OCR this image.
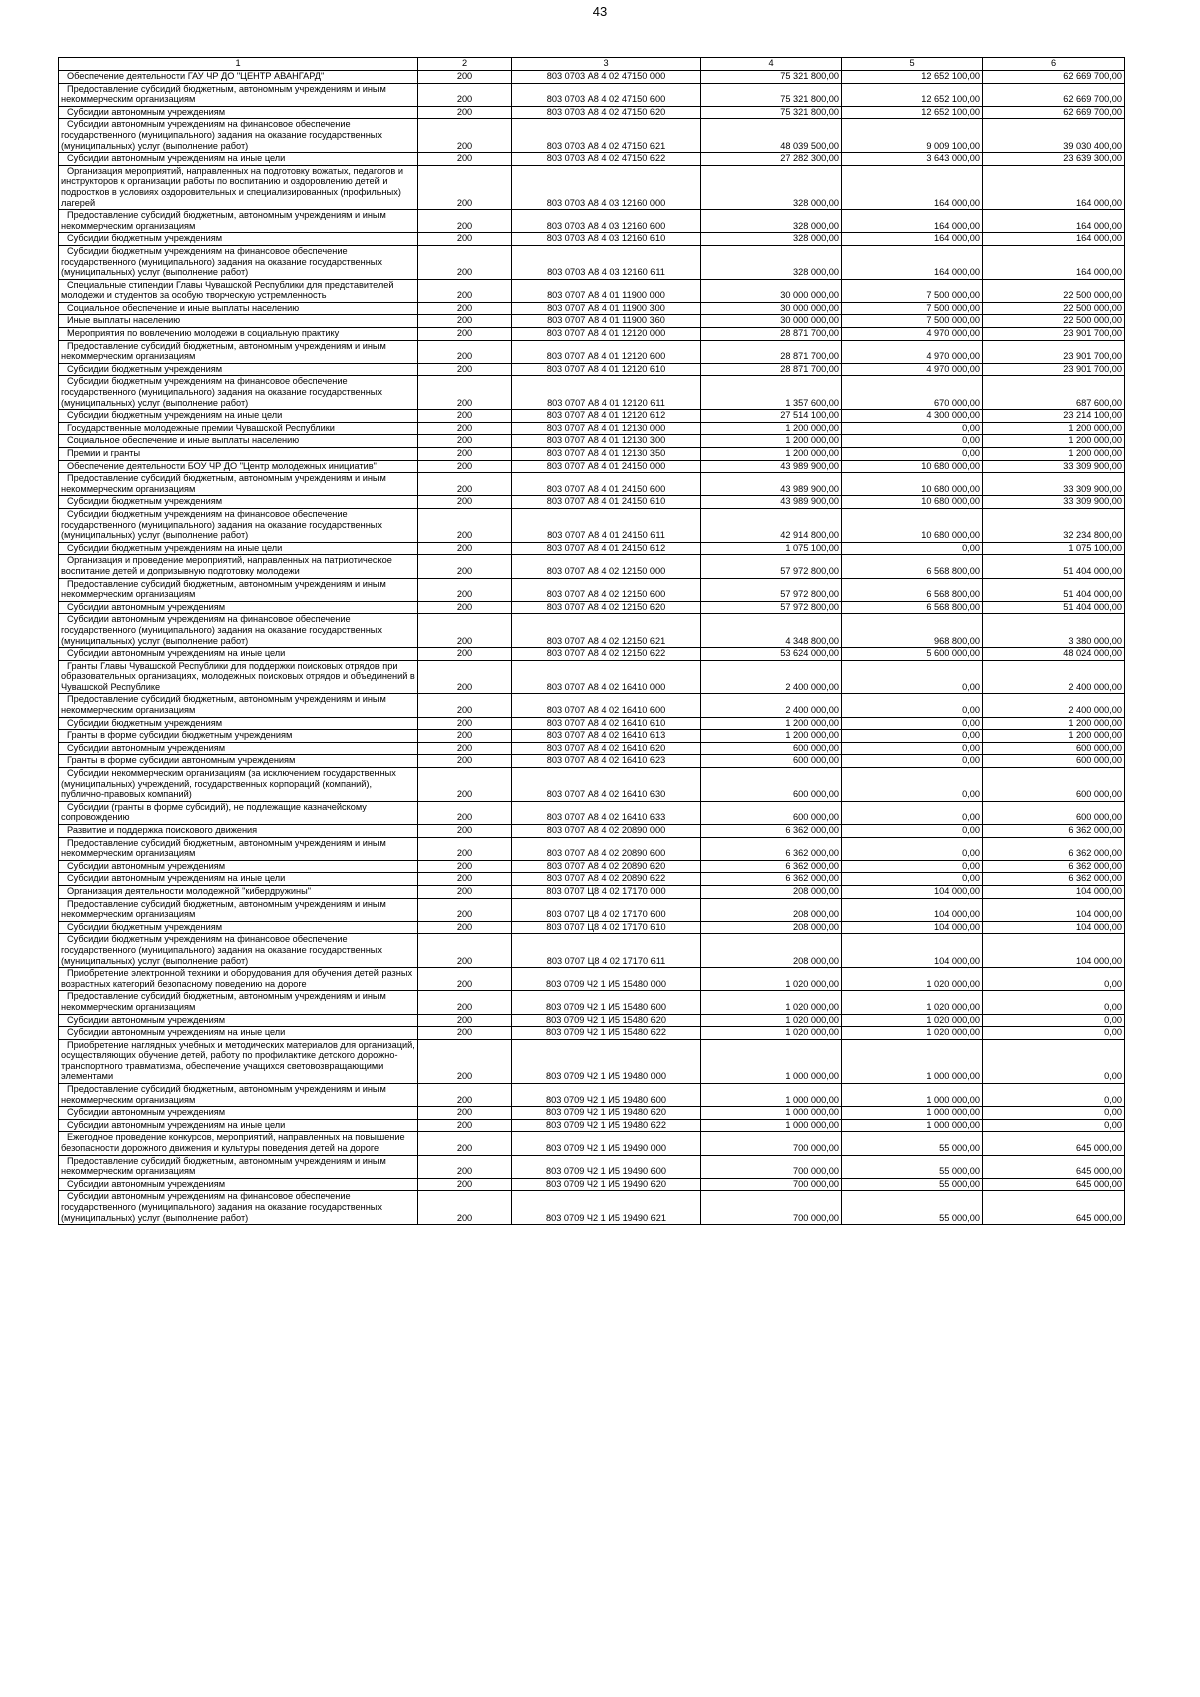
43
1	2	3	4	5	6

Обеспечение деятельности ГАУ ЧР ДО "ЦЕНТР АВАНГАРД"	200	803 0703 А8 4 02 47150 000	75 321 800,00	12 652 100,00	62 669 700,00

Предоставление субсидий бюджетным, автономным учреждениям и иным некоммерческим организациям	200	803 0703 А8 4 02 47150 600	75 321 800,00	12 652 100,00	62 669 700,00

Субсидии автономным учреждениям	200	803 0703 А8 4 02 47150 620	75 321 800,00	12 652 100,00	62 669 700,00

Субсидии автономным учреждениям на финансовое обеспечение государственного (муниципального) задания на оказание государственных (муниципальных) услуг (выполнение работ)	200	803 0703 А8 4 02 47150 621	48 039 500,00	9 009 100,00	39 030 400,00

Субсидии автономным учреждениям на иные цели	200	803 0703 А8 4 02 47150 622	27 282 300,00	3 643 000,00	23 639 300,00

Организация мероприятий, направленных на подготовку вожатых, педагогов и инструкторов к организации работы по воспитанию и оздоровлению детей и подростков в условиях оздоровительных и специализированных (профильных) лагерей	200	803 0703 А8 4 03 12160 000	328 000,00	164 000,00	164 000,00

Предоставление субсидий бюджетным, автономным учреждениям и иным некоммерческим организациям	200	803 0703 А8 4 03 12160 600	328 000,00	164 000,00	164 000,00

Субсидии бюджетным учреждениям	200	803 0703 А8 4 03 12160 610	328 000,00	164 000,00	164 000,00

Субсидии бюджетным учреждениям на финансовое обеспечение государственного (муниципального) задания на оказание государственных (муниципальных) услуг (выполнение работ)	200	803 0703 А8 4 03 12160 611	328 000,00	164 000,00	164 000,00

Специальные стипендии Главы Чувашской Республики для представителей молодежи и студентов за особую творческую устремленность	200	803 0707 А8 4 01 11900 000	30 000 000,00	7 500 000,00	22 500 000,00

Социальное обеспечение и иные выплаты населению	200	803 0707 А8 4 01 11900 300	30 000 000,00	7 500 000,00	22 500 000,00

Иные выплаты населению	200	803 0707 А8 4 01 11900 360	30 000 000,00	7 500 000,00	22 500 000,00

Мероприятия по вовлечению молодежи в социальную практику	200	803 0707 А8 4 01 12120 000	28 871 700,00	4 970 000,00	23 901 700,00

Предоставление субсидий бюджетным, автономным учреждениям и иным некоммерческим организациям	200	803 0707 А8 4 01 12120 600	28 871 700,00	4 970 000,00	23 901 700,00

Субсидии бюджетным учреждениям	200	803 0707 А8 4 01 12120 610	28 871 700,00	4 970 000,00	23 901 700,00

Субсидии бюджетным учреждениям на финансовое обеспечение государственного (муниципального) задания на оказание государственных (муниципальных) услуг (выполнение работ)	200	803 0707 А8 4 01 12120 611	1 357 600,00	670 000,00	687 600,00

Субсидии бюджетным учреждениям на иные цели	200	803 0707 А8 4 01 12120 612	27 514 100,00	4 300 000,00	23 214 100,00

Государственные молодежные премии Чувашской Республики	200	803 0707 А8 4 01 12130 000	1 200 000,00	0,00	1 200 000,00

Социальное обеспечение и иные выплаты населению	200	803 0707 А8 4 01 12130 300	1 200 000,00	0,00	1 200 000,00

Премии и гранты	200	803 0707 А8 4 01 12130 350	1 200 000,00	0,00	1 200 000,00

Обеспечение деятельности БОУ ЧР ДО "Центр молодежных инициатив"	200	803 0707 А8 4 01 24150 000	43 989 900,00	10 680 000,00	33 309 900,00

Предоставление субсидий бюджетным, автономным учреждениям и иным некоммерческим организациям	200	803 0707 А8 4 01 24150 600	43 989 900,00	10 680 000,00	33 309 900,00

Субсидии бюджетным учреждениям	200	803 0707 А8 4 01 24150 610	43 989 900,00	10 680 000,00	33 309 900,00

Субсидии бюджетным учреждениям на финансовое обеспечение государственного (муниципального) задания на оказание государственных (муниципальных) услуг (выполнение работ)	200	803 0707 А8 4 01 24150 611	42 914 800,00	10 680 000,00	32 234 800,00

Субсидии бюджетным учреждениям на иные цели	200	803 0707 А8 4 01 24150 612	1 075 100,00	0,00	1 075 100,00

Организация и проведение мероприятий, направленных на патриотическое воспитание детей и допризывную подготовку молодежи	200	803 0707 А8 4 02 12150 000	57 972 800,00	6 568 800,00	51 404 000,00

Предоставление субсидий бюджетным, автономным учреждениям и иным некоммерческим организациям	200	803 0707 А8 4 02 12150 600	57 972 800,00	6 568 800,00	51 404 000,00

Субсидии автономным учреждениям	200	803 0707 А8 4 02 12150 620	57 972 800,00	6 568 800,00	51 404 000,00

Субсидии автономным учреждениям на финансовое обеспечение государственного (муниципального) задания на оказание государственных (муниципальных) услуг (выполнение работ)	200	803 0707 А8 4 02 12150 621	4 348 800,00	968 800,00	3 380 000,00

Субсидии автономным учреждениям на иные цели	200	803 0707 А8 4 02 12150 622	53 624 000,00	5 600 000,00	48 024 000,00

Гранты Главы Чувашской Республики для поддержки поисковых отрядов при образовательных организациях, молодежных поисковых отрядов и объединений в Чувашской Республике	200	803 0707 А8 4 02 16410 000	2 400 000,00	0,00	2 400 000,00

Предоставление субсидий бюджетным, автономным учреждениям и иным некоммерческим организациям	200	803 0707 А8 4 02 16410 600	2 400 000,00	0,00	2 400 000,00

Субсидии бюджетным учреждениям	200	803 0707 А8 4 02 16410 610	1 200 000,00	0,00	1 200 000,00

Гранты в форме субсидии бюджетным учреждениям	200	803 0707 А8 4 02 16410 613	1 200 000,00	0,00	1 200 000,00

Субсидии автономным учреждениям	200	803 0707 А8 4 02 16410 620	600 000,00	0,00	600 000,00

Гранты в форме субсидии автономным учреждениям	200	803 0707 А8 4 02 16410 623	600 000,00	0,00	600 000,00

Субсидии некоммерческим организациям (за исключением государственных (муниципальных) учреждений, государственных корпораций (компаний), публично-правовых компаний)	200	803 0707 А8 4 02 16410 630	600 000,00	0,00	600 000,00

Субсидии (гранты в форме субсидий), не подлежащие казначейскому сопровождению	200	803 0707 А8 4 02 16410 633	600 000,00	0,00	600 000,00

Развитие и поддержка поискового движения	200	803 0707 А8 4 02 20890 000	6 362 000,00	0,00	6 362 000,00

Предоставление субсидий бюджетным, автономным учреждениям и иным некоммерческим организациям	200	803 0707 А8 4 02 20890 600	6 362 000,00	0,00	6 362 000,00

Субсидии автономным учреждениям	200	803 0707 А8 4 02 20890 620	6 362 000,00	0,00	6 362 000,00

Субсидии автономным учреждениям на иные цели	200	803 0707 А8 4 02 20890 622	6 362 000,00	0,00	6 362 000,00

Организация деятельности молодежной "кибердружины"	200	803 0707 Ц8 4 02 17170 000	208 000,00	104 000,00	104 000,00

Предоставление субсидий бюджетным, автономным учреждениям и иным некоммерческим организациям	200	803 0707 Ц8 4 02 17170 600	208 000,00	104 000,00	104 000,00

Субсидии бюджетным учреждениям	200	803 0707 Ц8 4 02 17170 610	208 000,00	104 000,00	104 000,00

Субсидии бюджетным учреждениям на финансовое обеспечение государственного (муниципального) задания на оказание государственных (муниципальных) услуг (выполнение работ)	200	803 0707 Ц8 4 02 17170 611	208 000,00	104 000,00	104 000,00

Приобретение электронной техники и оборудования для обучения детей разных возрастных категорий безопасному поведению на дороге	200	803 0709 Ч2 1 И5 15480 000	1 020 000,00	1 020 000,00	0,00

Предоставление субсидий бюджетным, автономным учреждениям и иным некоммерческим организациям	200	803 0709 Ч2 1 И5 15480 600	1 020 000,00	1 020 000,00	0,00

Субсидии автономным учреждениям	200	803 0709 Ч2 1 И5 15480 620	1 020 000,00	1 020 000,00	0,00

Субсидии автономным учреждениям на иные цели	200	803 0709 Ч2 1 И5 15480 622	1 020 000,00	1 020 000,00	0,00

Приобретение наглядных учебных и методических материалов для организаций, осуществляющих обучение детей, работу по профилактике детского дорожно-транспортного травматизма, обеспечение учащихся световозвращающими элементами	200	803 0709 Ч2 1 И5 19480 000	1 000 000,00	1 000 000,00	0,00

Предоставление субсидий бюджетным, автономным учреждениям и иным некоммерческим организациям	200	803 0709 Ч2 1 И5 19480 600	1 000 000,00	1 000 000,00	0,00

Субсидии автономным учреждениям	200	803 0709 Ч2 1 И5 19480 620	1 000 000,00	1 000 000,00	0,00

Субсидии автономным учреждениям на иные цели	200	803 0709 Ч2 1 И5 19480 622	1 000 000,00	1 000 000,00	0,00

Ежегодное проведение конкурсов, мероприятий, направленных на повышение безопасности дорожного движения и культуры поведения детей на дороге	200	803 0709 Ч2 1 И5 19490 000	700 000,00	55 000,00	645 000,00

Предоставление субсидий бюджетным, автономным учреждениям и иным некоммерческим организациям	200	803 0709 Ч2 1 И5 19490 600	700 000,00	55 000,00	645 000,00

Субсидии автономным учреждениям	200	803 0709 Ч2 1 И5 19490 620	700 000,00	55 000,00	645 000,00

Субсидии автономным учреждениям на финансовое обеспечение государственного (муниципального) задания на оказание государственных (муниципальных) услуг (выполнение работ)	200	803 0709 Ч2 1 И5 19490 621	700 000,00	55 000,00	645 000,00
